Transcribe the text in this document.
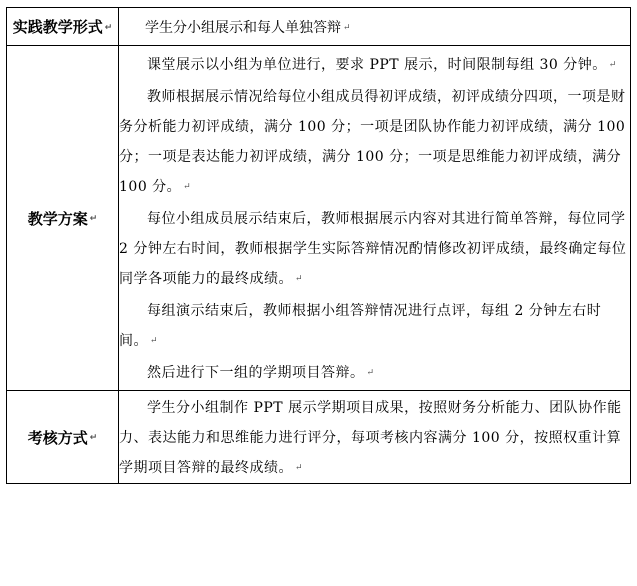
实践教学形式 ↵	学生分小组展示和每人单独答辩 ↵
教学方案 ↵	课堂展示以小组为单位进行，要求 PPT 展示，时间限制每组 30 分钟。 ↵

教师根据展示情况给每位小组成员得初评成绩，初评成绩分四项，一项是财务分析能力初评成绩，满分 100 分；一项是团队协作能力初评成绩，满分 100 分；一项是表达能力初评成绩，满分 100 分；一项是思维能力初评成绩，满分 100 分。 ↵

每位小组成员展示结束后，教师根据展示内容对其进行简单答辩，每位同学 2 分钟左右时间，教师根据学生实际答辩情况酌情修改初评成绩，最终确定每位同学各项能力的最终成绩。 ↵

每组演示结束后，教师根据小组答辩情况进行点评，每组 2 分钟左右时间。 ↵

然后进行下一组的学期项目答辩。 ↵

考核方式 ↵	学生分小组制作 PPT 展示学期项目成果，按照财务分析能力、团队协作能力、表达能力和思维能力进行评分，每项考核内容满分 100 分，按照权重计算学期项目答辩的最终成绩。 ↵
